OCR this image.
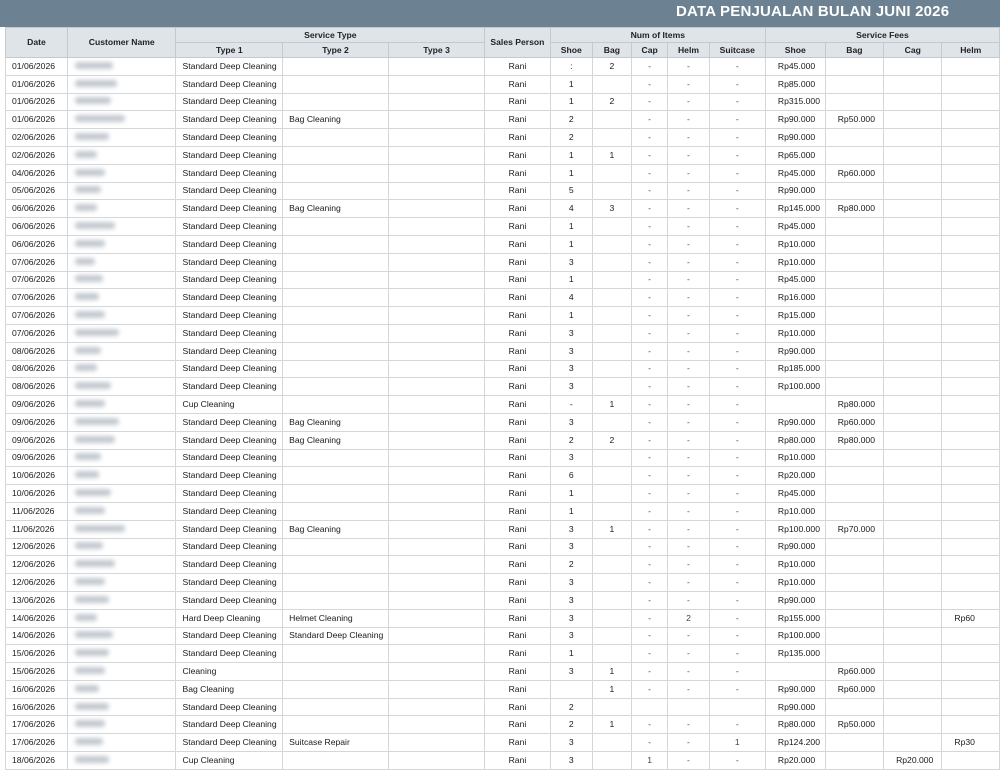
DATA PENJUALAN BULAN JUNI 2026
Date	Customer Name	Service Type			Sales Person	Num of Items					Service Fees			
		Type 1	Type 2	Type 3		Shoe	Bag	Cap	Helm	Suitcase	Shoe	Bag	Cag	Helm
01/06/2026		Standard Deep Cleaning			Rani	:	2	-	-	-	Rp45.000			
01/06/2026		Standard Deep Cleaning			Rani	1		-	-	-	Rp85.000			
01/06/2026		Standard Deep Cleaning			Rani	1	2	-	-	-	Rp315.000			
01/06/2026		Standard Deep Cleaning	Bag Cleaning		Rani	2		-	-	-	Rp90.000	Rp50.000		
02/06/2026		Standard Deep Cleaning			Rani	2		-	-	-	Rp90.000			
02/06/2026		Standard Deep Cleaning			Rani	1	1	-	-	-	Rp65.000			
04/06/2026		Standard Deep Cleaning			Rani	1		-	-	-	Rp45.000	Rp60.000		
05/06/2026		Standard Deep Cleaning			Rani	5		-	-	-	Rp90.000			
06/06/2026		Standard Deep Cleaning	Bag Cleaning		Rani	4	3	-	-	-	Rp145.000	Rp80.000		
06/06/2026		Standard Deep Cleaning			Rani	1		-	-	-	Rp45.000			
06/06/2026		Standard Deep Cleaning			Rani	1		-	-	-	Rp10.000			
07/06/2026		Standard Deep Cleaning			Rani	3		-	-	-	Rp10.000			
07/06/2026		Standard Deep Cleaning			Rani	1		-	-	-	Rp45.000			
07/06/2026		Standard Deep Cleaning			Rani	4		-	-	-	Rp16.000			
07/06/2026		Standard Deep Cleaning			Rani	1		-	-	-	Rp15.000			
07/06/2026		Standard Deep Cleaning			Rani	3		-	-	-	Rp10.000			
08/06/2026		Standard Deep Cleaning			Rani	3		-	-	-	Rp90.000			
08/06/2026		Standard Deep Cleaning			Rani	3		-	-	-	Rp185.000			
08/06/2026		Standard Deep Cleaning			Rani	3		-	-	-	Rp100.000			
09/06/2026		Cup Cleaning			Rani	-	1	-	-	-		Rp80.000		
09/06/2026		Standard Deep Cleaning	Bag Cleaning		Rani	3		-	-	-	Rp90.000	Rp60.000		
09/06/2026		Standard Deep Cleaning	Bag Cleaning		Rani	2	2	-	-	-	Rp80.000	Rp80.000		
09/06/2026		Standard Deep Cleaning			Rani	3		-	-	-	Rp10.000			
10/06/2026		Standard Deep Cleaning			Rani	6		-	-	-	Rp20.000			
10/06/2026		Standard Deep Cleaning			Rani	1		-	-	-	Rp45.000			
11/06/2026		Standard Deep Cleaning			Rani	1		-	-	-	Rp10.000			
11/06/2026		Standard Deep Cleaning	Bag Cleaning		Rani	3	1	-	-	-	Rp100.000	Rp70.000		
12/06/2026		Standard Deep Cleaning			Rani	3		-	-	-	Rp90.000			
12/06/2026		Standard Deep Cleaning			Rani	2		-	-	-	Rp10.000			
12/06/2026		Standard Deep Cleaning			Rani	3		-	-	-	Rp10.000			
13/06/2026		Standard Deep Cleaning			Rani	3		-	-	-	Rp90.000			
14/06/2026		Hard Deep Cleaning	Helmet Cleaning		Rani	3		-	2	-	Rp155.000			Rp60
14/06/2026		Standard Deep Cleaning	Standard Deep Cleaning		Rani	3		-	-	-	Rp100.000			
15/06/2026		Standard Deep Cleaning			Rani	1		-	-	-	Rp135.000			
15/06/2026		Cleaning			Rani	3	1	-	-	-		Rp60.000		
16/06/2026		Bag Cleaning			Rani		1	-	-	-	Rp90.000	Rp60.000		
16/06/2026		Standard Deep Cleaning			Rani	2					Rp90.000			
17/06/2026		Standard Deep Cleaning			Rani	2	1	-	-	-	Rp80.000	Rp50.000		
17/06/2026		Standard Deep Cleaning	Suitcase Repair		Rani	3		-	-	1	Rp124.200			Rp30
18/06/2026		Cup Cleaning			Rani	3		1	-	-	Rp20.000		Rp20.000	
